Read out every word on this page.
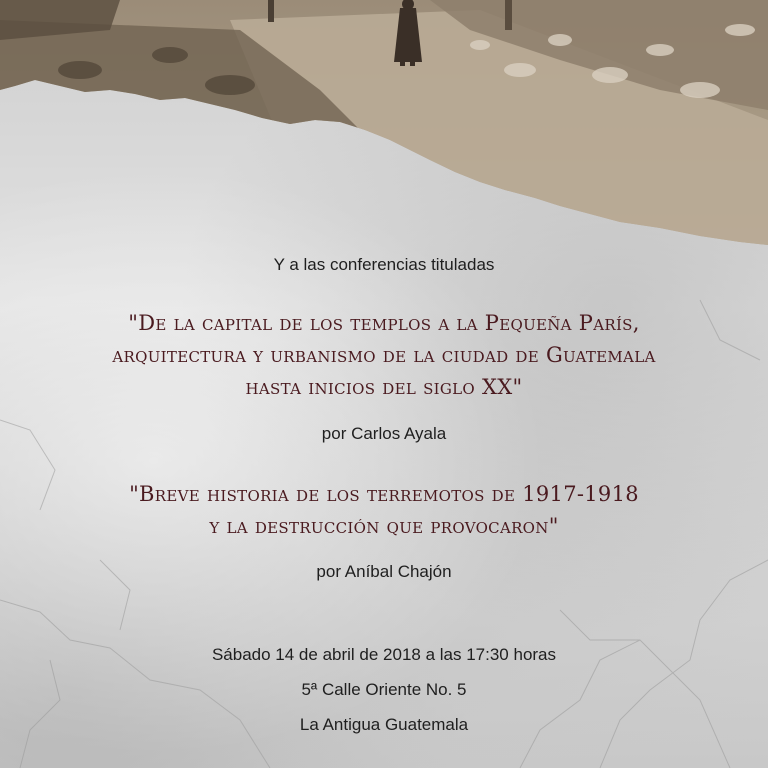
Y a las conferencias tituladas
"De la capital de los templos a la Pequeña París,
arquitectura y urbanismo de la ciudad de Guatemala
hasta inicios del siglo XX"
por Carlos Ayala
"Breve historia de los terremotos de 1917-1918
y la destrucción que provocaron"
por Aníbal Chajón
Sábado 14 de abril de 2018 a las 17:30 horas
5ª Calle Oriente No. 5
La Antigua Guatemala
